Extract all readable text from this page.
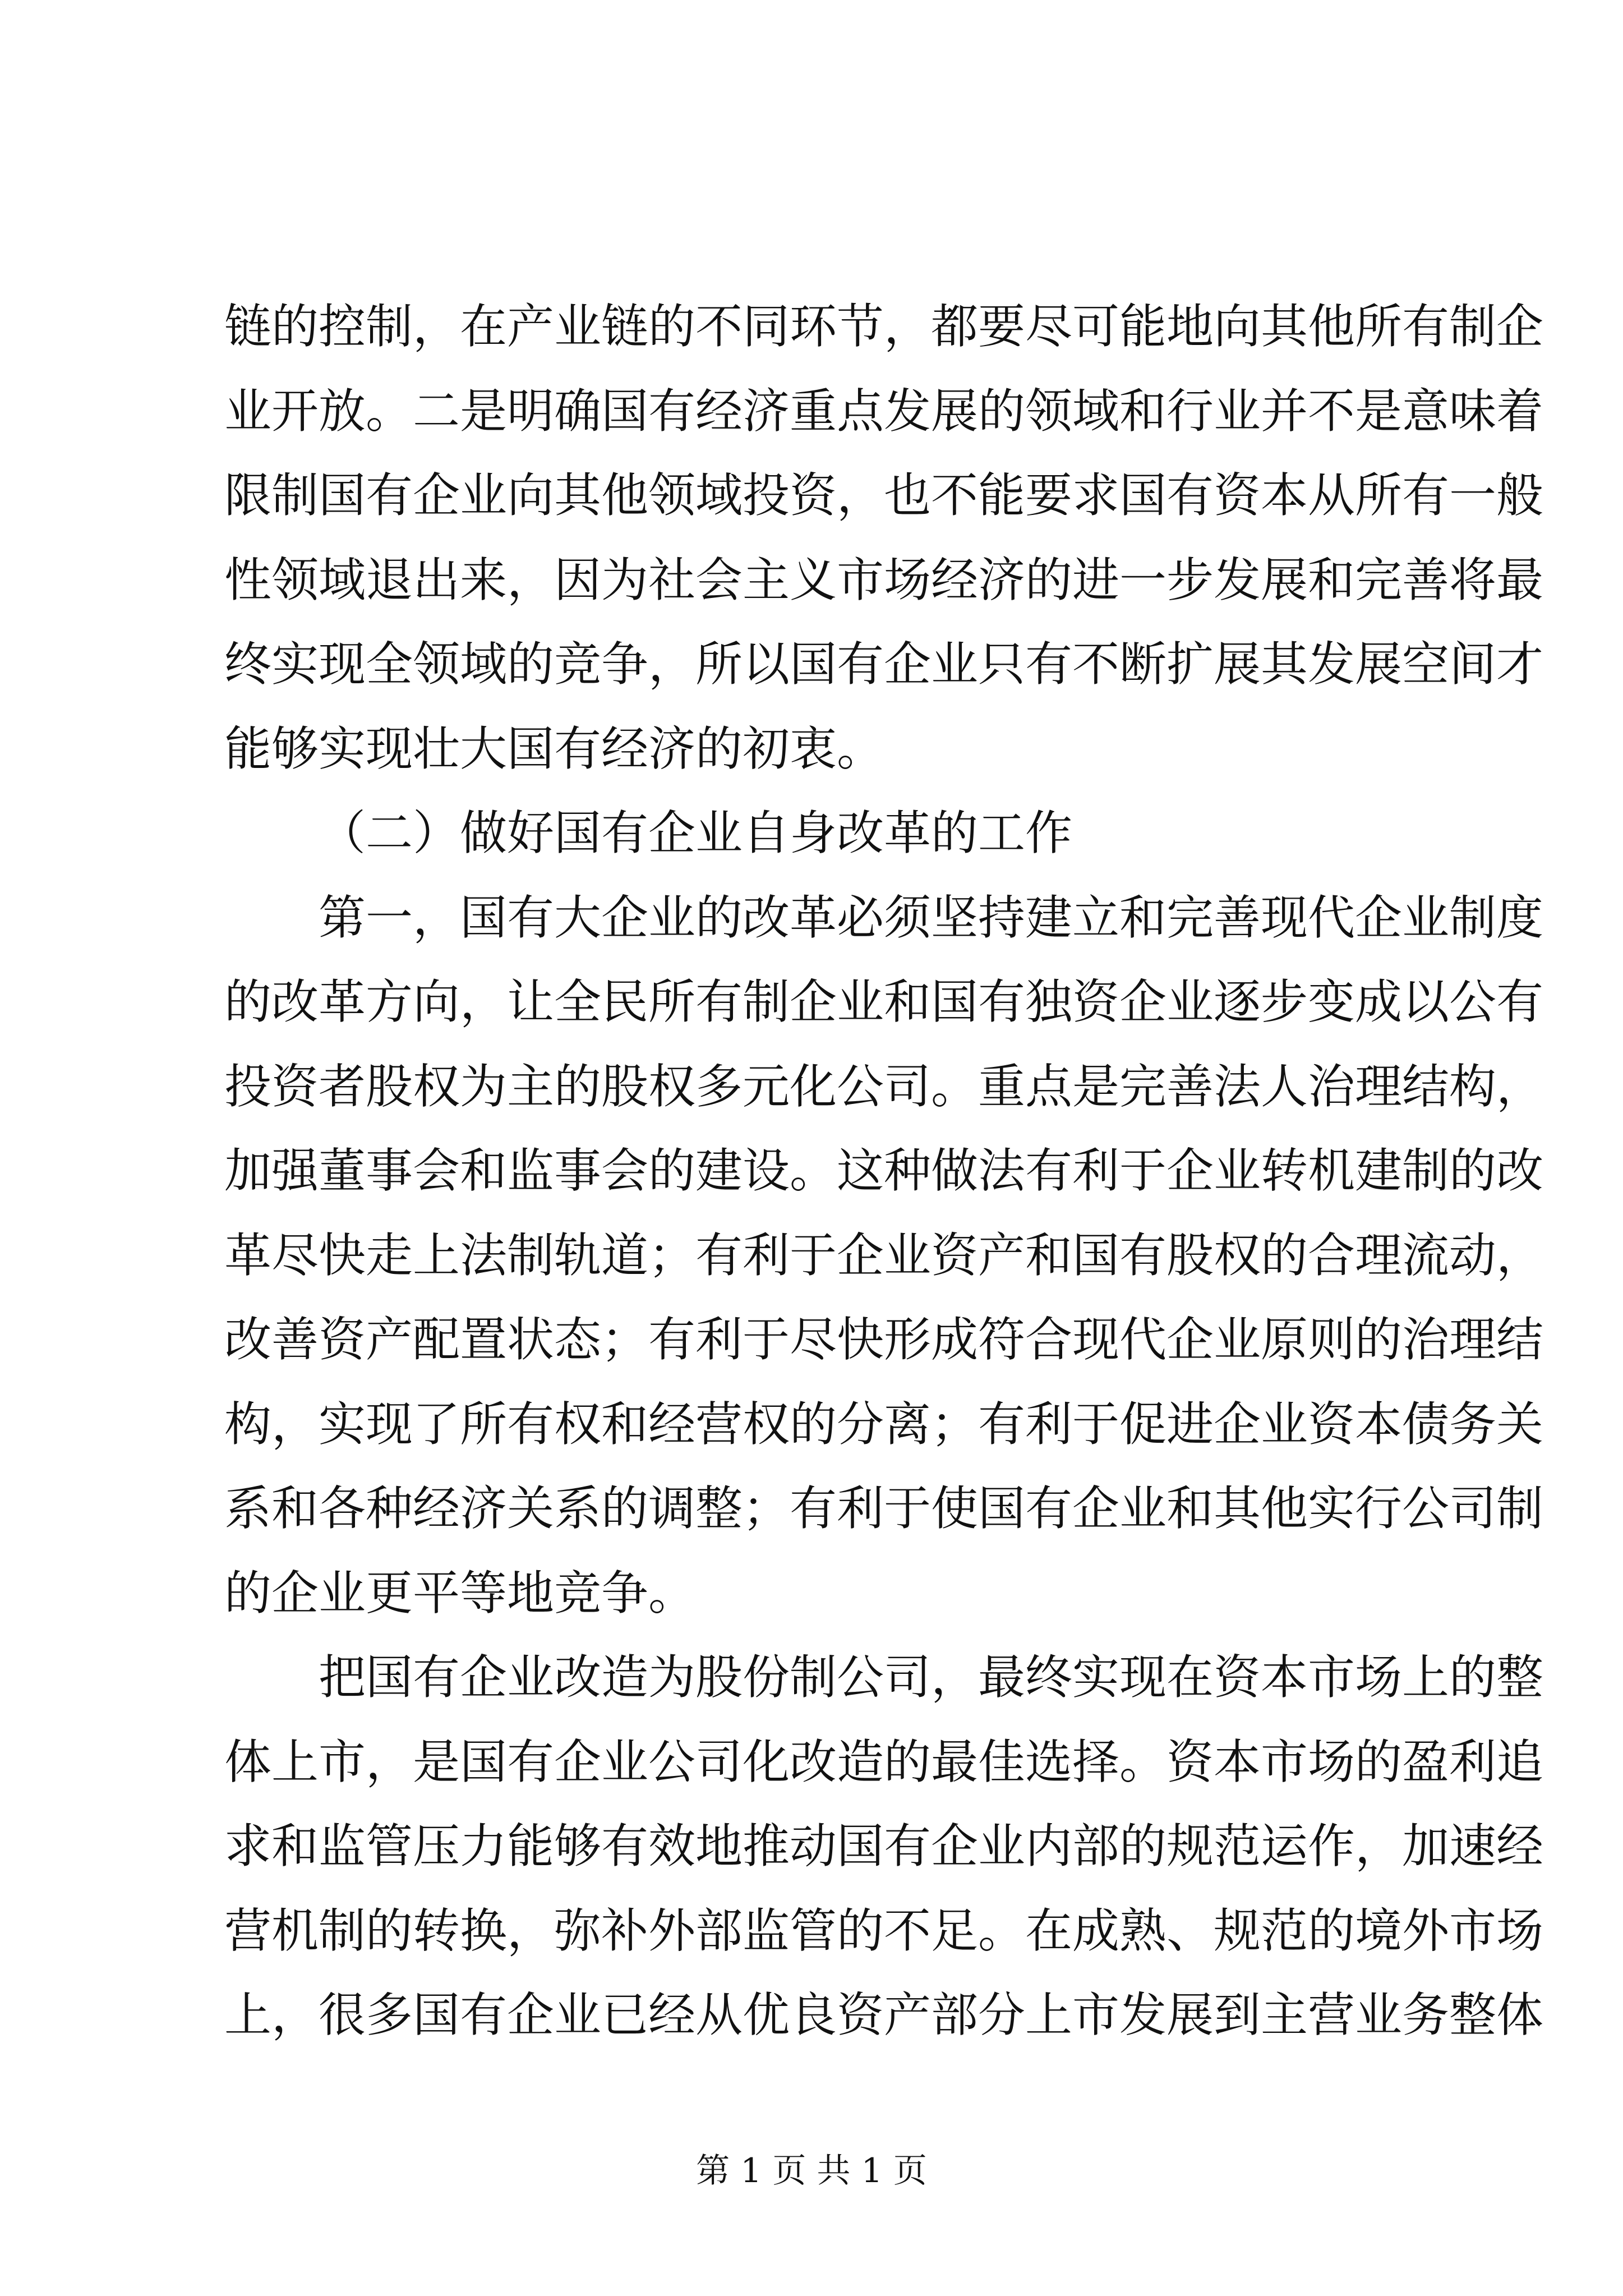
链的控制，在产业链的不同环节，都要尽可能地向其他所有制企
业开放。二是明确国有经济重点发展的领域和行业并不是意味着
限制国有企业向其他领域投资，也不能要求国有资本从所有一般
性领域退出来，因为社会主义市场经济的进一步发展和完善将最
终实现全领域的竞争，所以国有企业只有不断扩展其发展空间才
能够实现壮大国有经济的初衷。
（二）做好国有企业自身改革的工作
第一，国有大企业的改革必须坚持建立和完善现代企业制度
的改革方向，让全民所有制企业和国有独资企业逐步变成以公有
投资者股权为主的股权多元化公司。重点是完善法人治理结构，
加强董事会和监事会的建设。这种做法有利于企业转机建制的改
革尽快走上法制轨道；有利于企业资产和国有股权的合理流动，
改善资产配置状态；有利于尽快形成符合现代企业原则的治理结
构，实现了所有权和经营权的分离；有利于促进企业资本债务关
系和各种经济关系的调整；有利于使国有企业和其他实行公司制
的企业更平等地竞争。
把国有企业改造为股份制公司，最终实现在资本市场上的整
体上市，是国有企业公司化改造的最佳选择。资本市场的盈利追
求和监管压力能够有效地推动国有企业内部的规范运作，加速经
营机制的转换，弥补外部监管的不足。在成熟、规范的境外市场
上，很多国有企业已经从优良资产部分上市发展到主营业务整体
第 1 页 共 1 页
